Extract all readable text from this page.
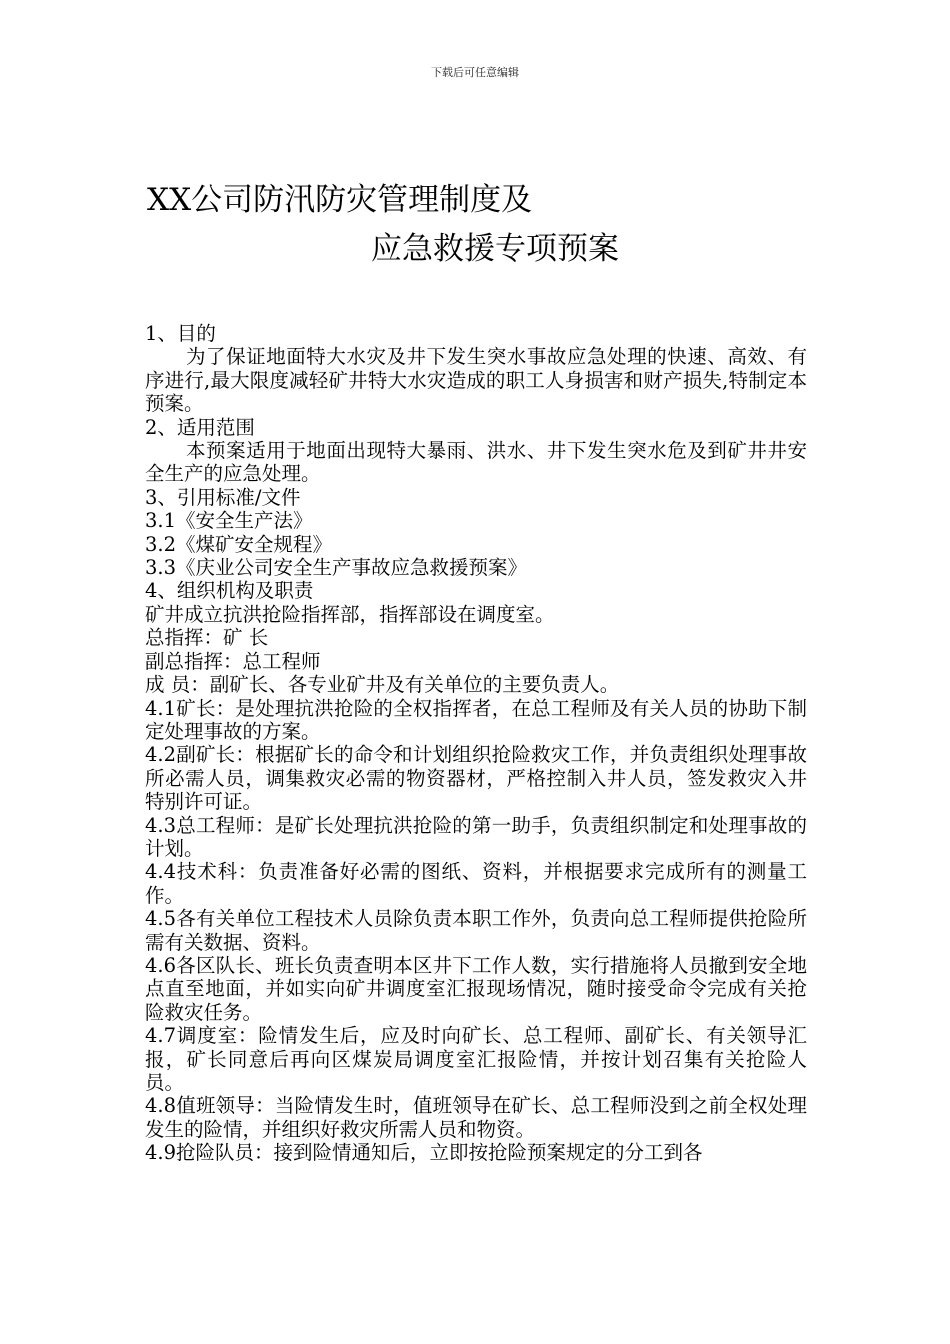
下载后可任意编辑
XX公司防汛防灾管理制度及
应急救援专项预案

1、目的

为了保证地面特大水灾及井下发生突水事故应急处理的快速、高效、有序进行,最大限度减轻矿井特大水灾造成的职工人身损害和财产损失,特制定本预案。

2、适用范围

本预案适用于地面出现特大暴雨、洪水、井下发生突水危及到矿井井安全生产的应急处理。

3、引用标准/文件

3.1《安全生产法》

3.2《煤矿安全规程》

3.3《庆业公司安全生产事故应急救援预案》

4、组织机构及职责

矿井成立抗洪抢险指挥部，指挥部设在调度室。

总指挥：矿 长

副总指挥：总工程师

成 员：副矿长、各专业矿井及有关单位的主要负责人。

4.1矿长：是处理抗洪抢险的全权指挥者，在总工程师及有关人员的协助下制定处理事故的方案。

4.2副矿长：根据矿长的命令和计划组织抢险救灾工作，并负责组织处理事故所必需人员，调集救灾必需的物资器材，严格控制入井人员，签发救灾入井特别许可证。

4.3总工程师：是矿长处理抗洪抢险的第一助手，负责组织制定和处理事故的计划。

4.4技术科：负责准备好必需的图纸、资料，并根据要求完成所有的测量工作。

4.5各有关单位工程技术人员除负责本职工作外，负责向总工程师提供抢险所需有关数据、资料。

4.6各区队长、班长负责查明本区井下工作人数，实行措施将人员撤到安全地点直至地面，并如实向矿井调度室汇报现场情况，随时接受命令完成有关抢险救灾任务。

4.7调度室：险情发生后，应及时向矿长、总工程师、副矿长、有关领导汇报，矿长同意后再向区煤炭局调度室汇报险情，并按计划召集有关抢险人员。

4.8值班领导：当险情发生时，值班领导在矿长、总工程师没到之前全权处理发生的险情，并组织好救灾所需人员和物资。

4.9抢险队员：接到险情通知后，立即按抢险预案规定的分工到各
